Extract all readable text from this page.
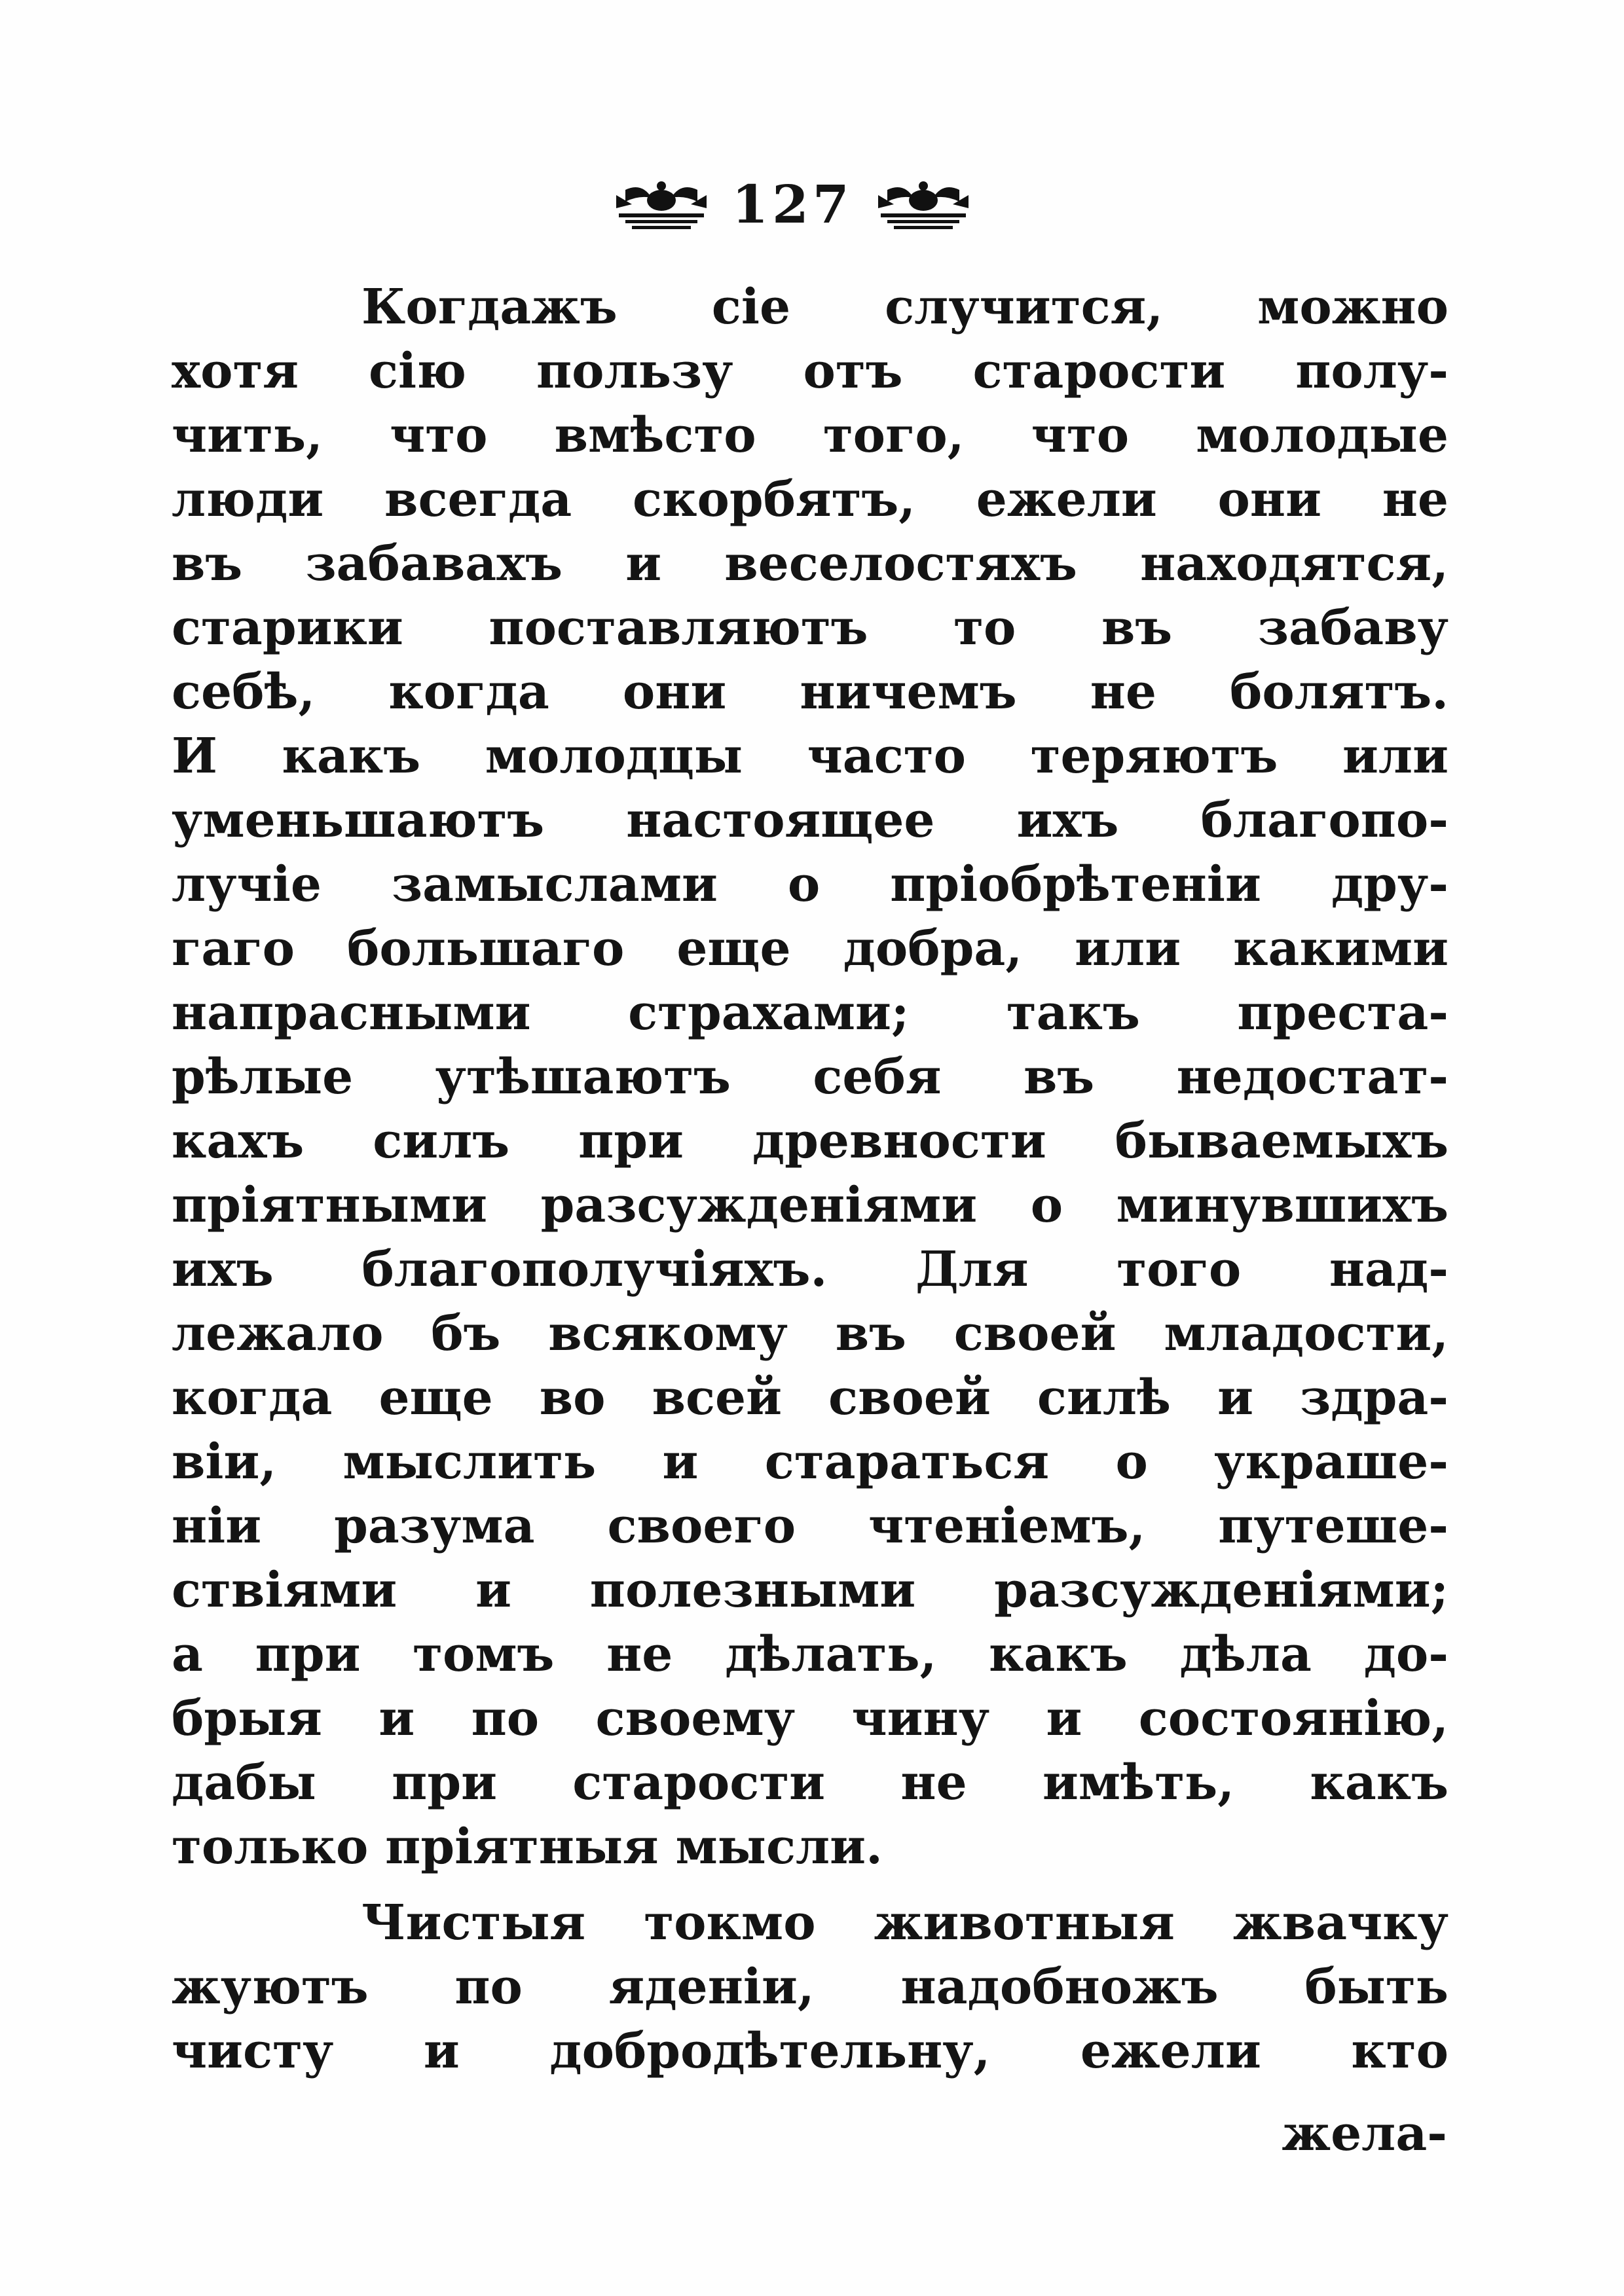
127
Когдажъ сіе случится, можно
хотя сію пользу отъ старости полу-
чить, что вмѣсто того, что молодые
люди всегда скорбятъ, ежели они не
въ забавахъ и веселостяхъ находятся,
старики поставляютъ то въ забаву
себѣ, когда они ничемъ не болятъ.
И какъ молодцы часто теряютъ или
уменьшаютъ настоящее ихъ благопо-
лучіе замыслами о пріобрѣтеніи дру-
гаго большаго еще добра, или какими
напрасными страхами; такъ преста-
рѣлые утѣшаютъ себя въ недостат-
кахъ силъ при древности бываемыхъ
пріятными разсужденіями о минувшихъ
ихъ благополучіяхъ. Для того над-
лежало бъ всякому въ своей младости,
когда еще во всей своей силѣ и здра-
віи, мыслить и стараться о украше-
ніи разума своего чтеніемъ, путеше-
ствіями и полезными разсужденіями;
а при томъ не дѣлать, какъ дѣла до-
брыя и по своему чину и состоянію,
дабы при старости не имѣть, какъ
только пріятныя мысли.
Чистыя токмо животныя жвачку
жуютъ по яденіи, надобножъ быть
чисту и добродѣтельну, ежели кто
жела-
